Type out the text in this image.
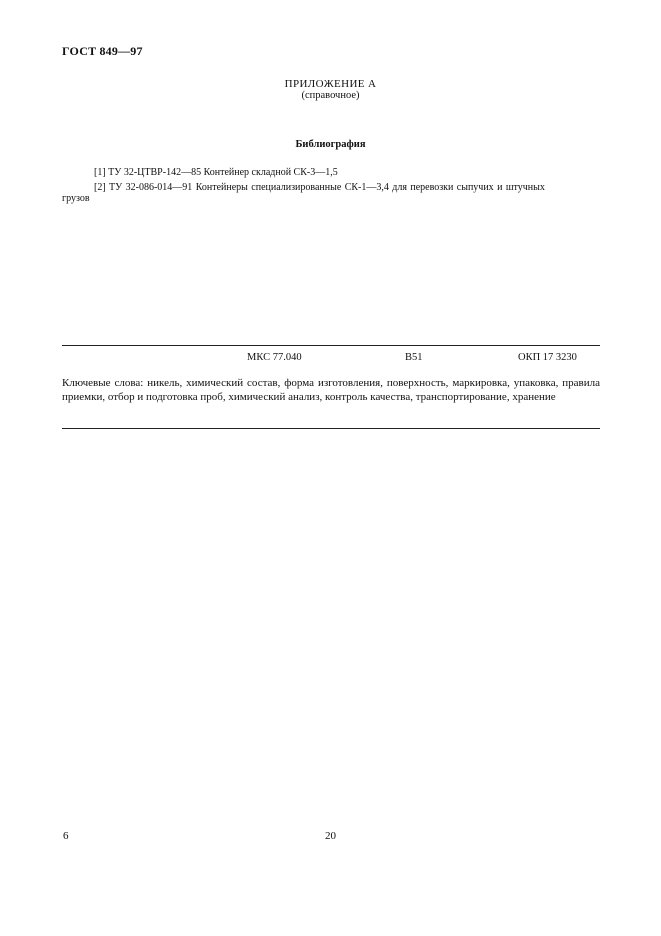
ГОСТ 849—97
ПРИЛОЖЕНИЕ А
(справочное)
Библиография
[1] ТУ 32-ЦТВР-142—85 Контейнер складной СК-3—1,5
[2] ТУ 32-086-014—91 Контейнеры специализированные СК-1—3,4 для перевозки сыпучих и штучных
грузов
МКС 77.040	В51	ОКП 17 3230
Ключевые слова: никель, химический состав, форма изготовления, поверхность, маркировка, упаковка, правила приемки, отбор и подготовка проб, химический анализ, контроль качества, транспортирование, хранение
6	20
